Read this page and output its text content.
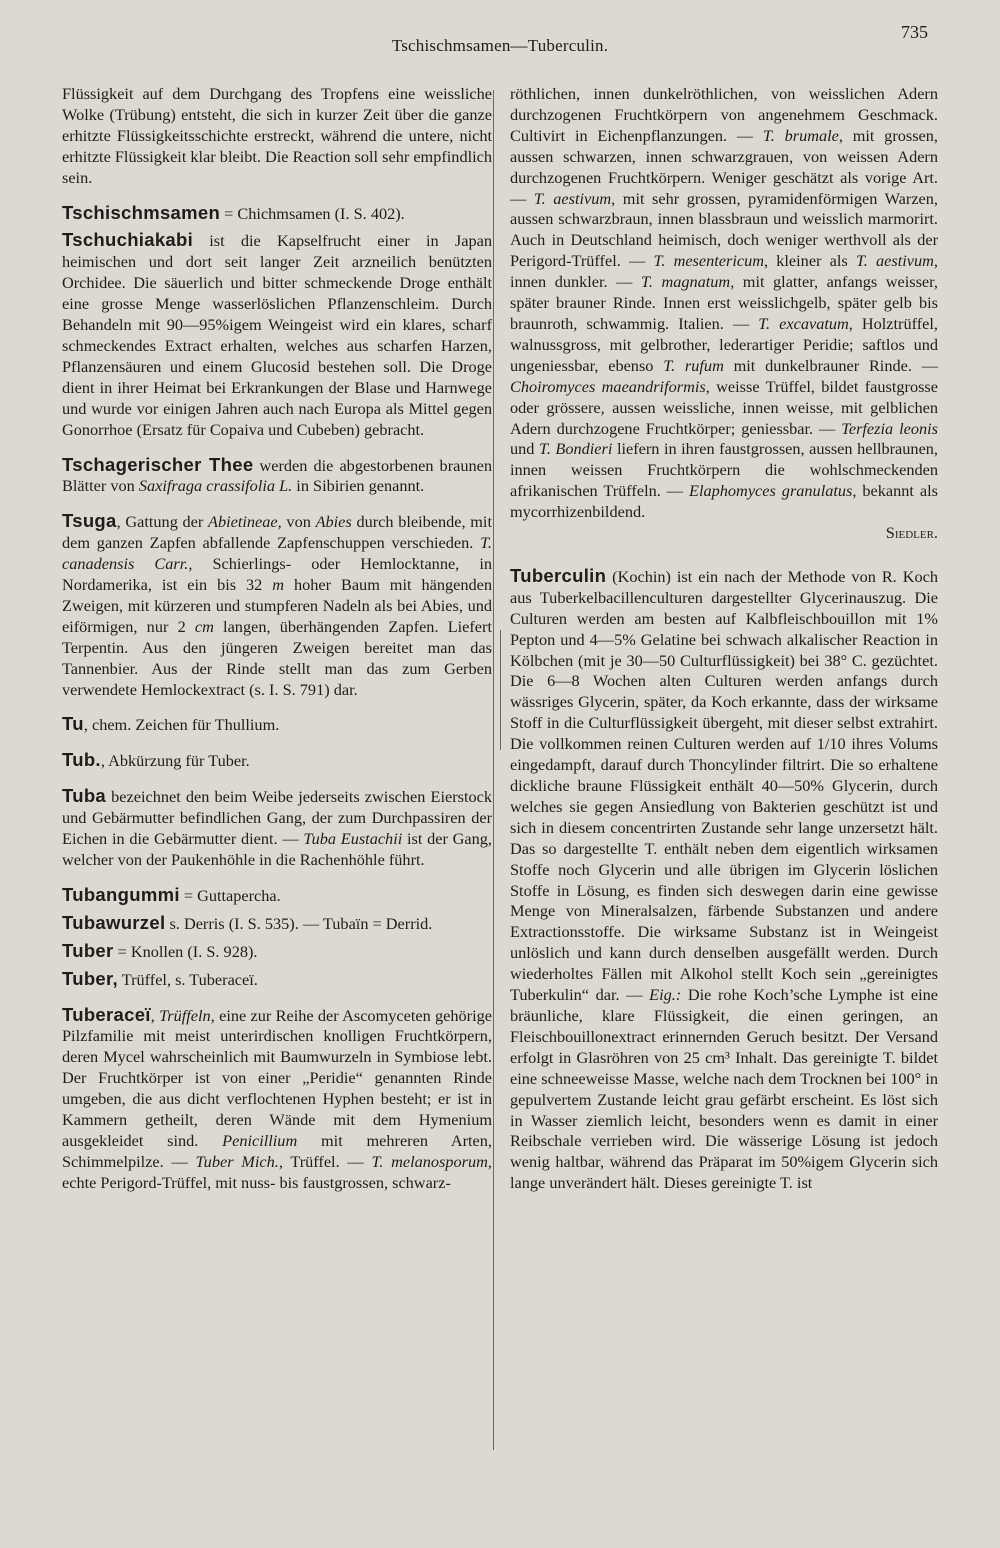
Tschischmsamen—Tuberculin.
735

Flüssigkeit auf dem Durchgang des Tropfens eine weissliche Wolke (Trübung) entsteht, die sich in kurzer Zeit über die ganze erhitzte Flüssigkeitsschichte erstreckt, während die untere, nicht erhitzte Flüssigkeit klar bleibt. Die Reaction soll sehr empfindlich sein.

Tschischmsamen = Chichmsamen (I. S. 402).

Tschuchiakabi ist die Kapselfrucht einer in Japan heimischen und dort seit langer Zeit arzneilich benützten Orchidee. Die säuerlich und bitter schmeckende Droge enthält eine grosse Menge wasserlöslichen Pflanzenschleim. Durch Behandeln mit 90—95%igem Weingeist wird ein klares, scharf schmeckendes Extract erhalten, welches aus scharfen Harzen, Pflanzensäuren und einem Glucosid bestehen soll. Die Droge dient in ihrer Heimat bei Erkrankungen der Blase und Harnwege und wurde vor einigen Jahren auch nach Europa als Mittel gegen Gonorrhoe (Ersatz für Copaiva und Cubeben) gebracht.

Tschagerischer Thee werden die abgestorbenen braunen Blätter von Saxifraga crassifolia L. in Sibirien genannt.

Tsuga, Gattung der Abietineae, von Abies durch bleibende, mit dem ganzen Zapfen abfallende Zapfenschuppen verschieden. T. canadensis Carr., Schierlings- oder Hemlocktanne, in Nordamerika, ist ein bis 32 m hoher Baum mit hängenden Zweigen, mit kürzeren und stumpferen Nadeln als bei Abies, und eiförmigen, nur 2 cm langen, überhängenden Zapfen. Liefert Terpentin. Aus den jüngeren Zweigen bereitet man das Tannenbier. Aus der Rinde stellt man das zum Gerben verwendete Hemlockextract (s. I. S. 791) dar.

Tu, chem. Zeichen für Thullium.

Tub., Abkürzung für Tuber.

Tuba bezeichnet den beim Weibe jederseits zwischen Eierstock und Gebärmutter befindlichen Gang, der zum Durchpassiren der Eichen in die Gebärmutter dient. — Tuba Eustachii ist der Gang, welcher von der Paukenhöhle in die Rachenhöhle führt.

Tubangummi = Guttapercha.

Tubawurzel s. Derris (I. S. 535). — Tubaïn = Derrid.

Tuber = Knollen (I. S. 928).

Tuber, Trüffel, s. Tuberaceï.

Tuberaceï, Trüffeln, eine zur Reihe der Ascomyceten gehörige Pilzfamilie mit meist unterirdischen knolligen Fruchtkörpern, deren Mycel wahrscheinlich mit Baumwurzeln in Symbiose lebt. Der Fruchtkörper ist von einer „Peridie“ genannten Rinde umgeben, die aus dicht verflochtenen Hyphen besteht; er ist in Kammern getheilt, deren Wände mit dem Hymenium ausgekleidet sind. Penicillium mit mehreren Arten, Schimmelpilze. — Tuber Mich., Trüffel. — T. melanosporum, echte Perigord-Trüffel, mit nuss- bis faustgrossen, schwarz-

röthlichen, innen dunkelröthlichen, von weisslichen Adern durchzogenen Fruchtkörpern von angenehmem Geschmack. Cultivirt in Eichenpflanzungen. — T. brumale, mit grossen, aussen schwarzen, innen schwarzgrauen, von weissen Adern durchzogenen Fruchtkörpern. Weniger geschätzt als vorige Art. — T. aestivum, mit sehr grossen, pyramidenförmigen Warzen, aussen schwarzbraun, innen blassbraun und weisslich marmorirt. Auch in Deutschland heimisch, doch weniger werthvoll als der Perigord-Trüffel. — T. mesentericum, kleiner als T. aestivum, innen dunkler. — T. magnatum, mit glatter, anfangs weisser, später brauner Rinde. Innen erst weisslichgelb, später gelb bis braunroth, schwammig. Italien. — T. excavatum, Holztrüffel, walnussgross, mit gelbrother, lederartiger Peridie; saftlos und ungeniessbar, ebenso T. rufum mit dunkelbrauner Rinde. — Choiromyces maeandriformis, weisse Trüffel, bildet faustgrosse oder grössere, aussen weissliche, innen weisse, mit gelblichen Adern durchzogene Fruchtkörper; geniessbar. — Terfezia leonis und T. Bondieri liefern in ihren faustgrossen, aussen hellbraunen, innen weissen Fruchtkörpern die wohlschmeckenden afrikanischen Trüffeln. — Elaphomyces granulatus, bekannt als mycorrhizenbildend.

Siedler.

Tuberculin (Kochin) ist ein nach der Methode von R. Koch aus Tuberkelbacillenculturen dargestellter Glycerinauszug. Die Culturen werden am besten auf Kalbfleischbouillon mit 1% Pepton und 4—5% Gelatine bei schwach alkalischer Reaction in Kölbchen (mit je 30—50 Culturflüssigkeit) bei 38° C. gezüchtet. Die 6—8 Wochen alten Culturen werden anfangs durch wässriges Glycerin, später, da Koch erkannte, dass der wirksame Stoff in die Culturflüssigkeit übergeht, mit dieser selbst extrahirt. Die vollkommen reinen Culturen werden auf 1/10 ihres Volums eingedampft, darauf durch Thoncylinder filtrirt. Die so erhaltene dickliche braune Flüssigkeit enthält 40—50% Glycerin, durch welches sie gegen Ansiedlung von Bakterien geschützt ist und sich in diesem concentrirten Zustande sehr lange unzersetzt hält. Das so dargestellte T. enthält neben dem eigentlich wirksamen Stoffe noch Glycerin und alle übrigen im Glycerin löslichen Stoffe in Lösung, es finden sich deswegen darin eine gewisse Menge von Mineralsalzen, färbende Substanzen und andere Extractionsstoffe. Die wirksame Substanz ist in Weingeist unlöslich und kann durch denselben ausgefällt werden. Durch wiederholtes Fällen mit Alkohol stellt Koch sein „gereinigtes Tuberkulin“ dar. — Eig.: Die rohe Koch’sche Lymphe ist eine bräunliche, klare Flüssigkeit, die einen geringen, an Fleischbouillonextract erinnernden Geruch besitzt. Der Versand erfolgt in Glasröhren von 25 cm³ Inhalt. Das gereinigte T. bildet eine schneeweisse Masse, welche nach dem Trocknen bei 100° in gepulvertem Zustande leicht grau gefärbt erscheint. Es löst sich in Wasser ziemlich leicht, besonders wenn es damit in einer Reibschale verrieben wird. Die wässerige Lösung ist jedoch wenig haltbar, während das Präparat im 50%igem Glycerin sich lange unverändert hält. Dieses gereinigte T. ist
